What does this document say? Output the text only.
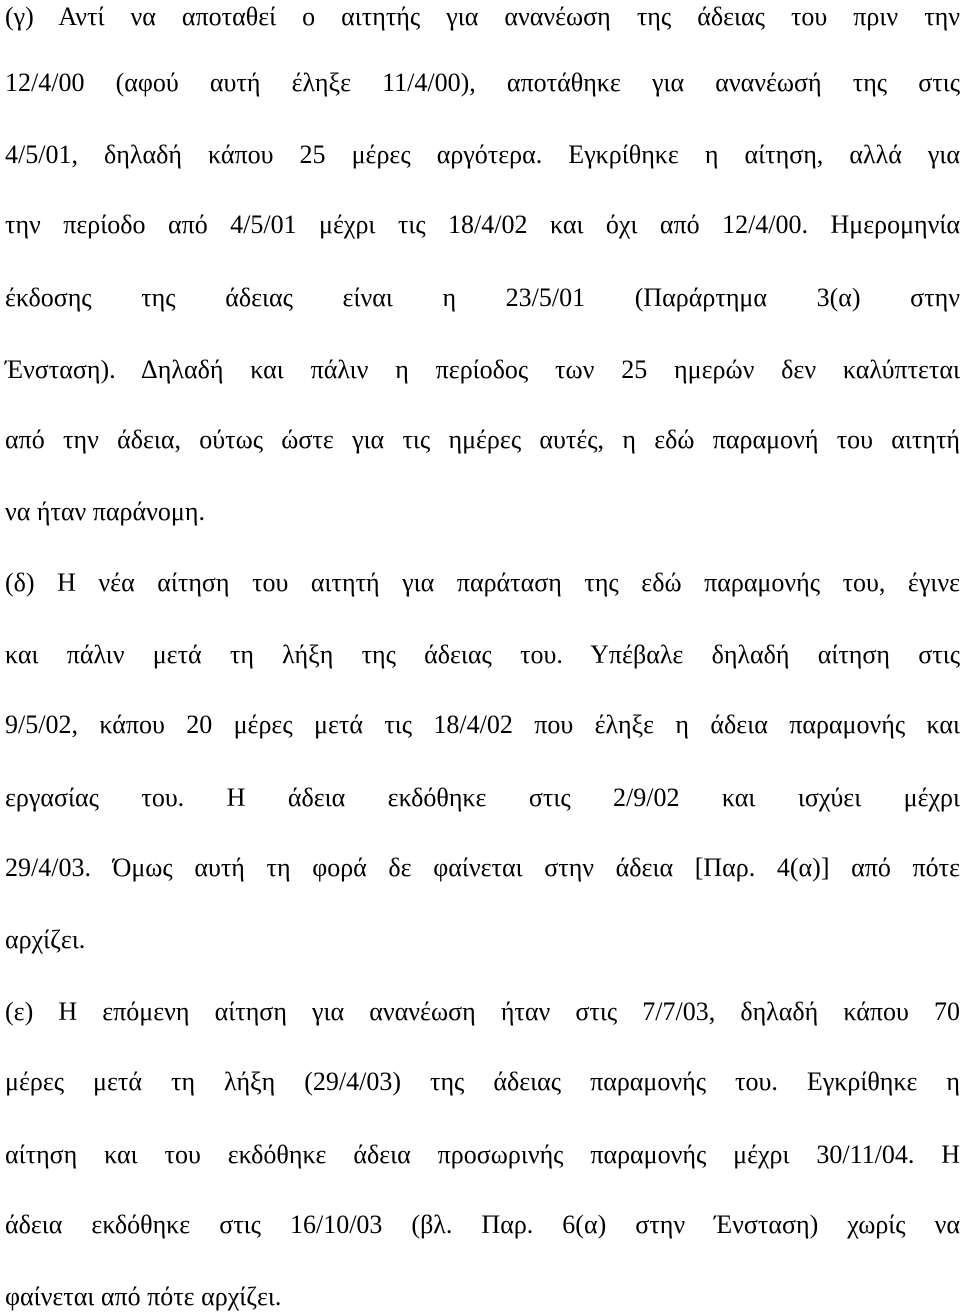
(γ) Αντί να αποταθεί ο αιτητής για ανανέωση της άδειας του πριν την
12/4/00 (αφού αυτή έληξε 11/4/00), αποτάθηκε για ανανέωσή της στις
4/5/01, δηλαδή κάπου 25 μέρες αργότερα. Εγκρίθηκε η αίτηση, αλλά για
την περίοδο από 4/5/01 μέχρι τις 18/4/02 και όχι από 12/4/00. Ημερομηνία
έκδοσης της άδειας είναι η 23/5/01 (Παράρτημα 3(α) στην
Ένσταση). Δηλαδή και πάλιν η περίοδος των 25 ημερών δεν καλύπτεται
από την άδεια, ούτως ώστε για τις ημέρες αυτές, η εδώ παραμονή του αιτητή
να ήταν παράνομη.
(δ) Η νέα αίτηση του αιτητή για παράταση της εδώ παραμονής του, έγινε
και πάλιν μετά τη λήξη της άδειας του. Υπέβαλε δηλαδή αίτηση στις
9/5/02, κάπου 20 μέρες μετά τις 18/4/02 που έληξε η άδεια παραμονής και
εργασίας του. Η άδεια εκδόθηκε στις 2/9/02 και ισχύει μέχρι
29/4/03. Όμως αυτή τη φορά δε φαίνεται στην άδεια [Παρ. 4(α)] από πότε
αρχίζει.
(ε) Η επόμενη αίτηση για ανανέωση ήταν στις 7/7/03, δηλαδή κάπου 70
μέρες μετά τη λήξη (29/4/03) της άδειας παραμονής του. Εγκρίθηκε η
αίτηση και του εκδόθηκε άδεια προσωρινής παραμονής μέχρι 30/11/04. Η
άδεια εκδόθηκε στις 16/10/03 (βλ. Παρ. 6(α) στην Ένσταση) χωρίς να
φαίνεται από πότε αρχίζει.
